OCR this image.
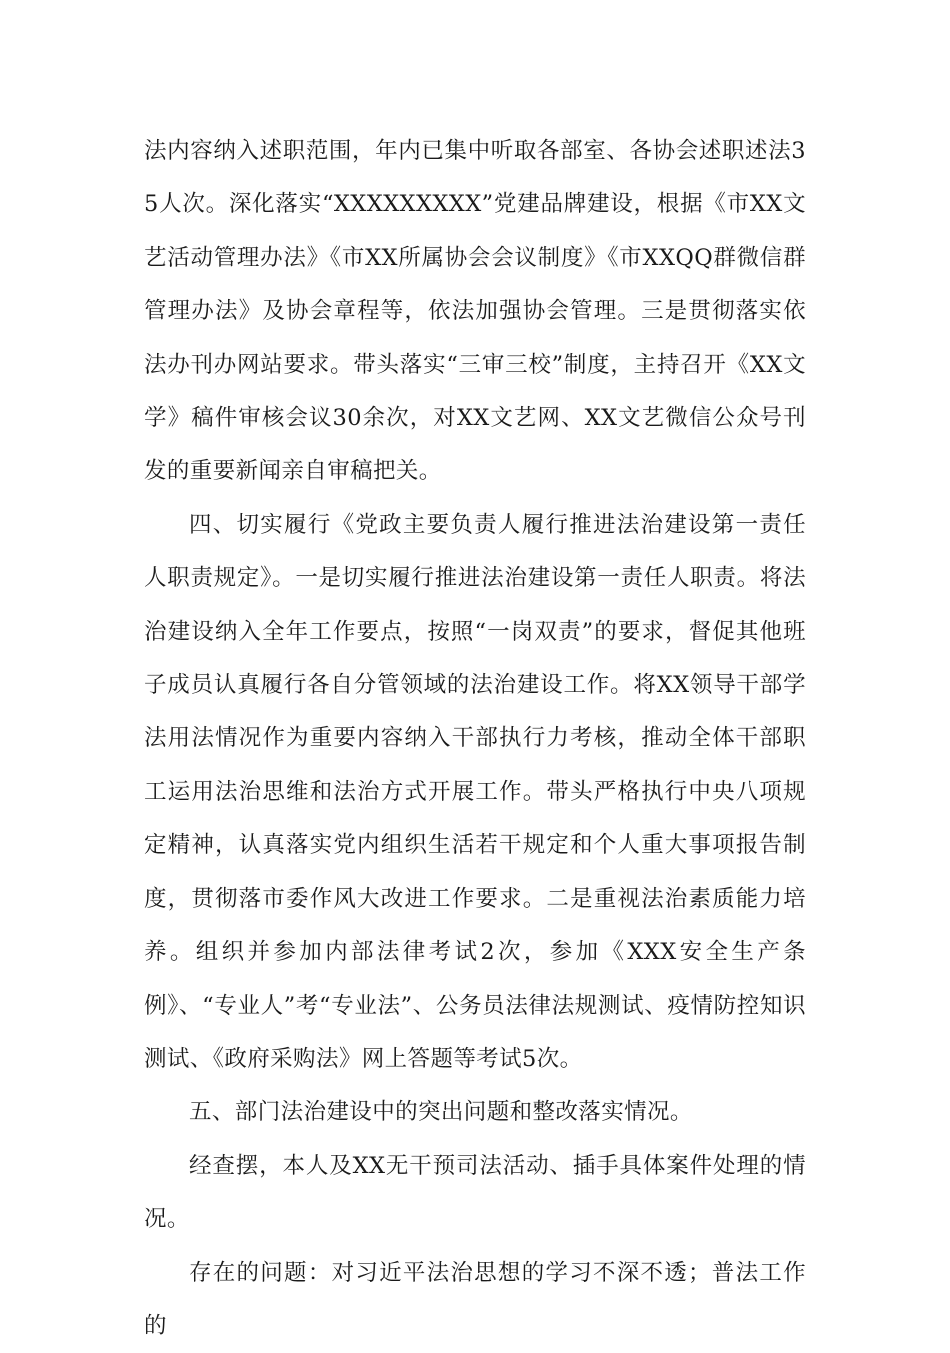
法内容纳入述职范围，年内已集中听取各部室、各协会述职述法35人次。深化落实“XXXXXXXXX”党建品牌建设，根据《市XX文艺活动管理办法》《市XX所属协会会议制度》《市XXQQ群微信群管理办法》及协会章程等，依法加强协会管理。三是贯彻落实依法办刊办网站要求。带头落实“三审三校”制度，主持召开《XX文学》稿件审核会议30余次，对XX文艺网、XX文艺微信公众号刊发的重要新闻亲自审稿把关。

四、切实履行《党政主要负责人履行推进法治建设第一责任人职责规定》。一是切实履行推进法治建设第一责任人职责。将法治建设纳入全年工作要点，按照“一岗双责”的要求，督促其他班子成员认真履行各自分管领域的法治建设工作。将XX领导干部学法用法情况作为重要内容纳入干部执行力考核，推动全体干部职工运用法治思维和法治方式开展工作。带头严格执行中央八项规定精神，认真落实党内组织生活若干规定和个人重大事项报告制度，贯彻落市委作风大改进工作要求。二是重视法治素质能力培养。组织并参加内部法律考试2次，参加《XXX安全生产条例》、“专业人”考“专业法”、公务员法律法规测试、疫情防控知识测试、《政府采购法》网上答题等考试5次。

五、部门法治建设中的突出问题和整改落实情况。

经查摆，本人及XX无干预司法活动、插手具体案件处理的情况。

存在的问题：对习近平法治思想的学习不深不透；普法工作的
